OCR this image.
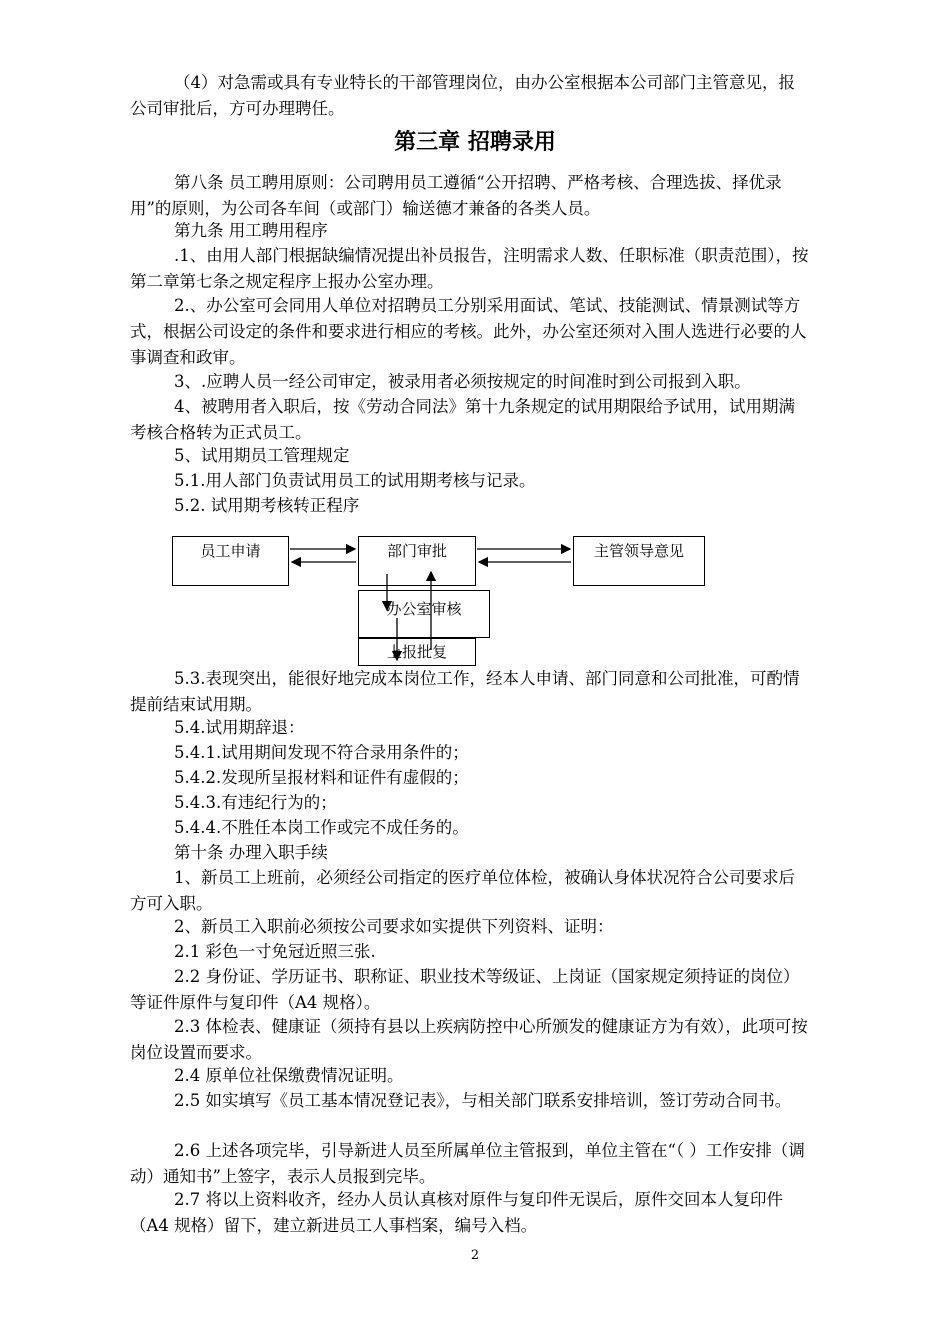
（4）对急需或具有专业特长的干部管理岗位，由办公室根据本公司部门主管意见，报公司审批后，方可办理聘任。

第三章 招聘录用

第八条 员工聘用原则：公司聘用员工遵循“公开招聘、严格考核、合理选拔、择优录用”的原则，为公司各车间（或部门）输送德才兼备的各类人员。

第九条 用工聘用程序

.1、由用人部门根据缺编情况提出补员报告，注明需求人数、任职标准（职责范围），按第二章第七条之规定程序上报办公室办理。

2.、办公室可会同用人单位对招聘员工分别采用面试、笔试、技能测试、情景测试等方式，根据公司设定的条件和要求进行相应的考核。此外，办公室还须对入围人选进行必要的人事调查和政审。

3、.应聘人员一经公司审定，被录用者必须按规定的时间准时到公司报到入职。

4、被聘用者入职后，按《劳动合同法》第十九条规定的试用期限给予试用，试用期满考核合格转为正式员工。

5、试用期员工管理规定

5.1.用人部门负责试用员工的试用期考核与记录。

5.2. 试用期考核转正程序

员工申请	部门审批	主管领导意见
办公室审核
上报批复

5.3.表现突出，能很好地完成本岗位工作，经本人申请、部门同意和公司批准，可酌情提前结束试用期。

5.4.试用期辞退：

5.4.1.试用期间发现不符合录用条件的；

5.4.2.发现所呈报材料和证件有虚假的；

5.4.3.有违纪行为的；

5.4.4.不胜任本岗工作或完不成任务的。

第十条 办理入职手续

1、新员工上班前，必须经公司指定的医疗单位体检，被确认身体状况符合公司要求后方可入职。

2、新员工入职前必须按公司要求如实提供下列资料、证明：

2.1 彩色一寸免冠近照三张.

2.2 身份证、学历证书、职称证、职业技术等级证、上岗证（国家规定须持证的岗位）等证件原件与复印件（A4 规格）。

2.3 体检表、健康证（须持有县以上疾病防控中心所颁发的健康证方为有效），此项可按岗位设置而要求。

2.4 原单位社保缴费情况证明。

2.5 如实填写《员工基本情况登记表》，与相关部门联系安排培训，签订劳动合同书。

2.6 上述各项完毕，引导新进人员至所属单位主管报到，单位主管在“（ ）工作安排（调动）通知书”上签字，表示人员报到完毕。

2.7 将以上资料收齐，经办人员认真核对原件与复印件无误后，原件交回本人复印件（A4 规格）留下，建立新进员工人事档案，编号入档。

2
